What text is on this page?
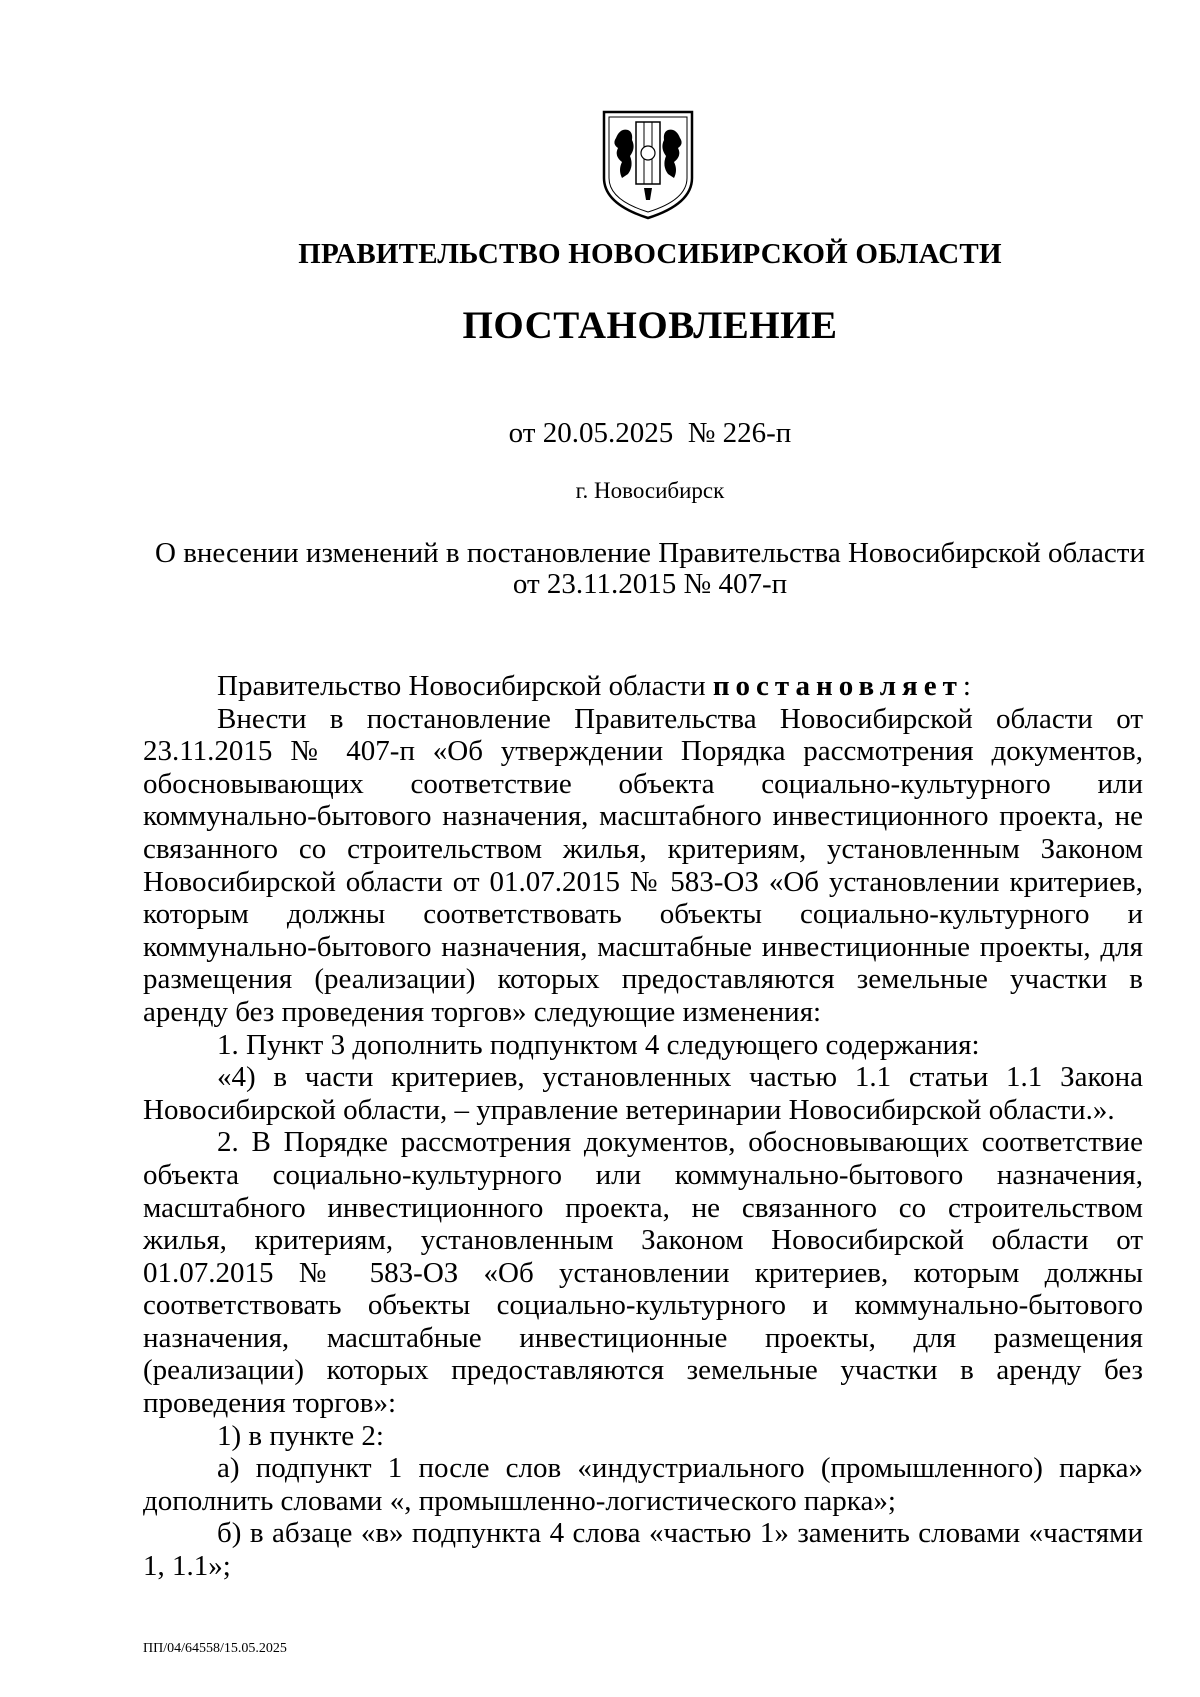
ПРАВИТЕЛЬСТВО НОВОСИБИРСКОЙ ОБЛАСТИ
ПОСТАНОВЛЕНИЕ
от 20.05.2025  № 226-п
г. Новосибирск
О внесении изменений в постановление Правительства Новосибирской области
от 23.11.2015 № 407-п

Правительство Новосибирской области постановляет:

Внести в постановление Правительства Новосибирской области от 23.11.2015 № 407-п «Об утверждении Порядка рассмотрения документов, обосновывающих соответствие объекта социально-культурного или коммунально-бытового назначения, масштабного инвестиционного проекта, не связанного со строительством жилья, критериям, установленным Законом Новосибирской области от 01.07.2015 № 583-ОЗ «Об установлении критериев, которым должны соответствовать объекты социально-культурного и коммунально-бытового назначения, масштабные инвестиционные проекты, для размещения (реализации) которых предоставляются земельные участки в аренду без проведения торгов» следующие изменения:

1. Пункт 3 дополнить подпунктом 4 следующего содержания:

«4) в части критериев, установленных частью 1.1 статьи 1.1 Закона Новосибирской области, – управление ветеринарии Новосибирской области.».

2. В Порядке рассмотрения документов, обосновывающих соответствие объекта социально-культурного или коммунально-бытового назначения, масштабного инвестиционного проекта, не связанного со строительством жилья, критериям, установленным Законом Новосибирской области от 01.07.2015 № 583-ОЗ «Об установлении критериев, которым должны соответствовать объекты социально-культурного и коммунально-бытового назначения, масштабные инвестиционные проекты, для размещения (реализации) которых предоставляются земельные участки в аренду без проведения торгов»:

1) в пункте 2:

а) подпункт 1 после слов «индустриального (промышленного) парка» дополнить словами «, промышленно-логистического парка»;

б) в абзаце «в» подпункта 4 слова «частью 1» заменить словами «частями 1, 1.1»;

ПП/04/64558/15.05.2025
